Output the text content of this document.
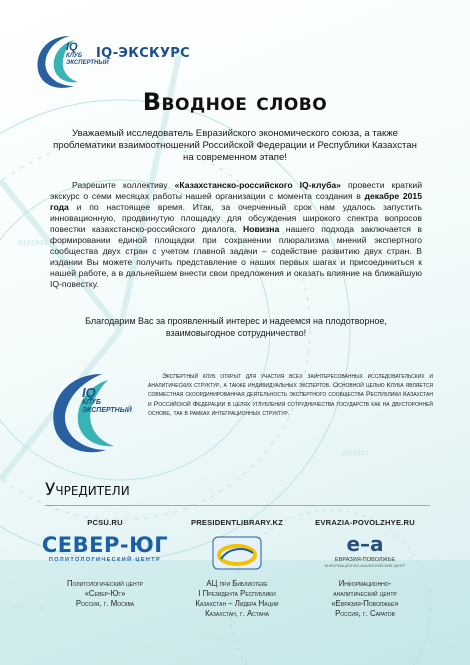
0101001
1011011
10001010
0101011011
IQ
КЛУБ
ЭКСПЕРТНЫЙ
IQ-ЭКСКУРС
Вводное слово
Уважаемый исследователь Евразийского экономического союза, а также проблематики взаимоотношений Российской Федерации и Республики Казахстан на современном этапе!
Разрешите коллективу «Казахстанско-российского IQ-клуба» провести краткий экскурс о семи месяцах работы нашей организации с момента создания в декабре 2015 года и по настоящее время. Итак, за очерченный срок нам удалось запустить инновационную, продвинутую площадку для обсуждения широкого спектра вопросов повестки казахстанско-российского диалога. Новизна нашего подхода заключается в формировании единой площадки при сохранении плюрализма мнений экспертного сообщества двух стран с учетом главной задачи – содействие развитию двух стран. В издании Вы можете получить представление о наших первых шагах и присоединиться к нашей работе, а в дальнейшем внести свои предложения и оказать влияние на ближайшую IQ-повестку.
Благодарим Вас за проявленный интерес и надеемся на плодотворное, взаимовыгодное сотрудничество!
IQ
КЛУБ
ЭКСПЕРТНЫЙ
Экспертный клуб открыт для участия всех заинтересованных исследовательских и аналитических структур, а также индивидуальных экспертов. Основной целью Клуба является совместная скоординированная деятельность экспертного сообщества Республики Казахстан и Российской Федерации в целях углубления сотрудничества государств как на двусторонней основе, так в рамках интеграционных структур.
Учредители
PCSU.RU
СЕВЕР-ЮГ
ПОЛИТОЛОГИЧЕСКИЙ ЦЕНТР
Политологический центр
«Север-Юг»
Россия, г. Москва
PRESIDENTLIBRARY.KZ
АЦ при Библиотеке
I Президента Республики
Казахстан – Лидера Нации
Казахстан, г. Астана
EVRAZIA-POVOLZHYE.RU
e–a
ЕВРАЗИЯ-ПОВОЛЖЬЕ
ИНФОРМАЦИОННО-АНАЛИТИЧЕСКИЙ ЦЕНТР
Информационно-
аналитический центр
«Евразия-Поволжье»
Россия, г. Саратов
